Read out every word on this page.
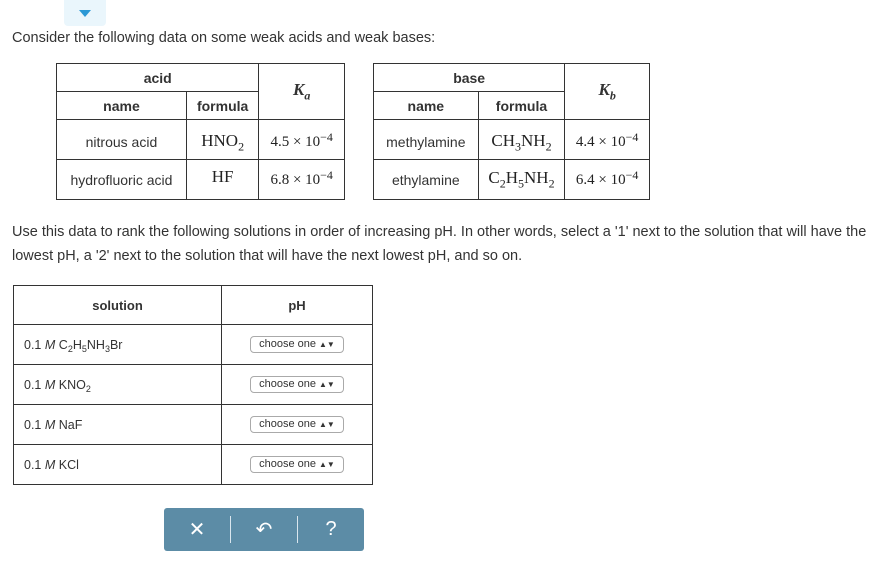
Consider the following data on some weak acids and weak bases:
acid		$K_a$
name	formula	

nitrous acid	$HNO_2$	$4.5 \times 10^{-4}$
hydrofluoric acid	HF	$6.8 \times 10^{-4}$
base		$K_b$
name	formula	

methylamine	$CH_3NH_2$	$4.4 \times 10^{-4}$
ethylamine	$C_2H_5NH_2$	$6.4 \times 10^{-4}$
Use this data to rank the following solutions in order of increasing pH. In other words, select a '1' next to the solution that will have the lowest pH, a '2' next to the solution that will have the next lowest pH, and so on.
solution	pH
0.1 M $C_2H_5NH_3Br$	choose one ▲▼
0.1 M $KNO_2$	choose one ▲▼
0.1 M NaF	choose one ▲▼
0.1 M KCl	choose one ▲▼
✕	↶	?
